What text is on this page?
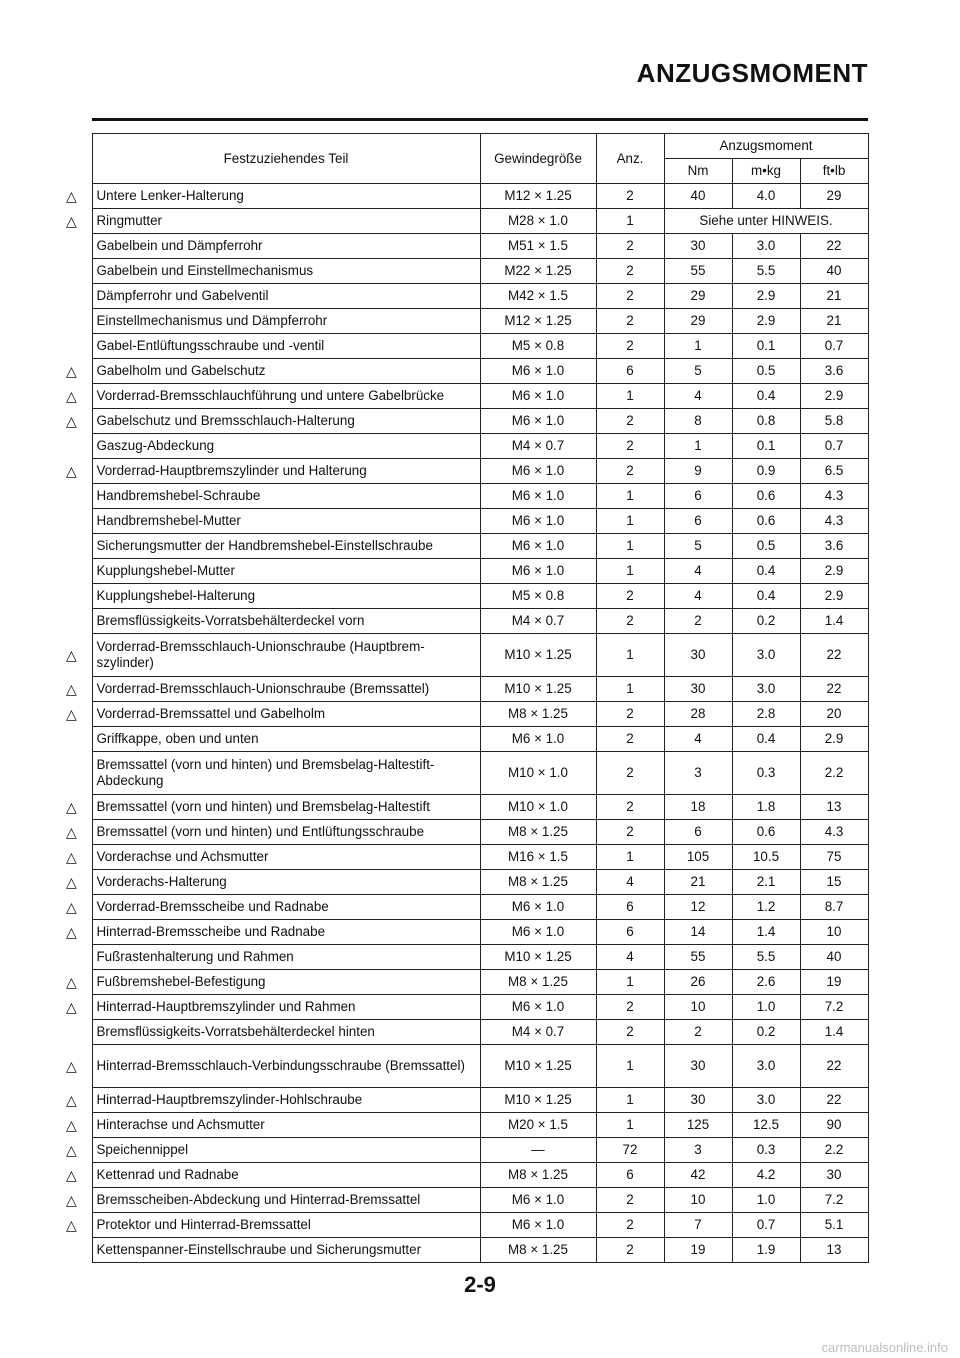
ANZUGSMOMENT
	Festzuziehendes Teil	Gewindegröße	Anz.	Anzugsmoment		
				Nm	m•kg	ft•lb
△	Untere Lenker-Halterung	M12 × 1.25	2	40	4.0	29
△	Ringmutter	M28 × 1.0	1	Siehe unter HINWEIS.		
	Gabelbein und Dämpferrohr	M51 × 1.5	2	30	3.0	22
	Gabelbein und Einstellmechanismus	M22 × 1.25	2	55	5.5	40
	Dämpferrohr und Gabelventil	M42 × 1.5	2	29	2.9	21
	Einstellmechanismus und Dämpferrohr	M12 × 1.25	2	29	2.9	21
	Gabel-Entlüftungsschraube und -ventil	M5 × 0.8	2	1	0.1	0.7
△	Gabelholm und Gabelschutz	M6 × 1.0	6	5	0.5	3.6
△	Vorderrad-Bremsschlauchführung und untere Gabelbrücke	M6 × 1.0	1	4	0.4	2.9
△	Gabelschutz und Bremsschlauch-Halterung	M6 × 1.0	2	8	0.8	5.8
	Gaszug-Abdeckung	M4 × 0.7	2	1	0.1	0.7
△	Vorderrad-Hauptbremszylinder und Halterung	M6 × 1.0	2	9	0.9	6.5
	Handbremshebel-Schraube	M6 × 1.0	1	6	0.6	4.3
	Handbremshebel-Mutter	M6 × 1.0	1	6	0.6	4.3
	Sicherungsmutter der Handbremshebel-Einstellschraube	M6 × 1.0	1	5	0.5	3.6
	Kupplungshebel-Mutter	M6 × 1.0	1	4	0.4	2.9
	Kupplungshebel-Halterung	M5 × 0.8	2	4	0.4	2.9
	Bremsflüssigkeits-Vorratsbehälterdeckel vorn	M4 × 0.7	2	2	0.2	1.4
△	Vorderrad-Bremsschlauch-Unionschraube (Hauptbrem-szylinder)	M10 × 1.25	1	30	3.0	22
△	Vorderrad-Bremsschlauch-Unionschraube (Bremssattel)	M10 × 1.25	1	30	3.0	22
△	Vorderrad-Bremssattel und Gabelholm	M8 × 1.25	2	28	2.8	20
	Griffkappe, oben und unten	M6 × 1.0	2	4	0.4	2.9
	Bremssattel (vorn und hinten) und Bremsbelag-Haltestift-Abdeckung	M10 × 1.0	2	3	0.3	2.2
△	Bremssattel (vorn und hinten) und Bremsbelag-Haltestift	M10 × 1.0	2	18	1.8	13
△	Bremssattel (vorn und hinten) und Entlüftungsschraube	M8 × 1.25	2	6	0.6	4.3
△	Vorderachse und Achsmutter	M16 × 1.5	1	105	10.5	75
△	Vorderachs-Halterung	M8 × 1.25	4	21	2.1	15
△	Vorderrad-Bremsscheibe und Radnabe	M6 × 1.0	6	12	1.2	8.7
△	Hinterrad-Bremsscheibe und Radnabe	M6 × 1.0	6	14	1.4	10
	Fußrastenhalterung und Rahmen	M10 × 1.25	4	55	5.5	40
△	Fußbremshebel-Befestigung	M8 × 1.25	1	26	2.6	19
△	Hinterrad-Hauptbremszylinder und Rahmen	M6 × 1.0	2	10	1.0	7.2
	Bremsflüssigkeits-Vorratsbehälterdeckel hinten	M4 × 0.7	2	2	0.2	1.4
△	Hinterrad-Bremsschlauch-Verbindungsschraube (Bremssattel)	M10 × 1.25	1	30	3.0	22
△	Hinterrad-Hauptbremszylinder-Hohlschraube	M10 × 1.25	1	30	3.0	22
△	Hinterachse und Achsmutter	M20 × 1.5	1	125	12.5	90
△	Speichennippel	—	72	3	0.3	2.2
△	Kettenrad und Radnabe	M8 × 1.25	6	42	4.2	30
△	Bremsscheiben-Abdeckung und Hinterrad-Bremssattel	M6 × 1.0	2	10	1.0	7.2
△	Protektor und Hinterrad-Bremssattel	M6 × 1.0	2	7	0.7	5.1
	Kettenspanner-Einstellschraube und Sicherungsmutter	M8 × 1.25	2	19	1.9	13
2-9
carmanualsonline.info
